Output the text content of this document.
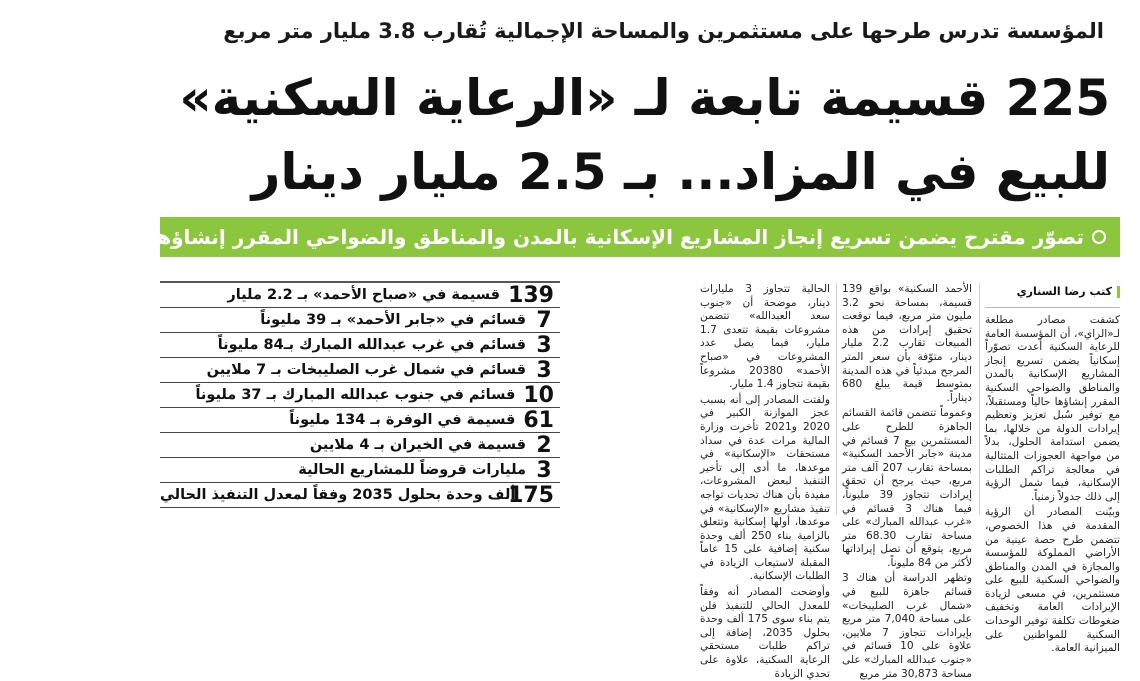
المؤسسة تدرس طرحها على مستثمرين والمساحة الإجمالية تُقارب 3.8 مليار متر مربع
225 قسيمة تابعة لـ «الرعاية السكنية»
للبيع في المزاد... بـ 2.5 مليار دينار
تصوّر مقترح يضمن تسريع إنجاز المشاريع الإسكانية بالمدن والمناطق والضواحي المقرر إنشاؤها حالياً ومستقبلاً
كتب رضا السناري

كشفت مصادر مطلعة لـ«الراي»، أن المؤسسة العامة للرعاية السكنية أعدت تصوّراً إسكانياً يضمن تسريع إنجاز المشاريع الإسكانية بالمدن والمناطق والضواحي السكنية المقرر إنشاؤها حالياً ومستقبلاً، مع توفير سُبل تعزيز وتعظيم إيرادات الدولة من خلالها، بما يضمن استدامة الحلول، بدلاً من مواجهة العجوزات المتتالية في معالجة تراكم الطلبات الإسكانية، فيما شمل الرؤية إلى ذلك جدولاً زمنياً.

وبيّنت المصادر أن الرؤية المقدمة في هذا الخصوص، تتضمن طرح حصة عينية من الأراضي المملوكة للمؤسسة والمجازة في المدن والمناطق والضواحي السكنية للبيع على مستثمرين، في مسعى لزيادة الإيرادات العامة وتخفيف ضغوطات تكلفة توفير الوحدات السكنية للمواطنين على الميزانية العامة.

الأحمد السكنية» بواقع 139 قسيمة، بمساحة نحو 3.2 مليون متر مربع، فيما توقعت تحقيق إيرادات من هذه المبيعات تقارب 2.2 مليار دينار، متوّفة بأن سعر المتر المرجح مبدئياً في هذه المدينة بمتوسط قيمة يبلغ 680 ديناراً.

وعموماً تتضمن قائمة القسائم الجاهزة للطرح على المستثمرين بيع 7 قسائم في مدينة «جابر الأحمد السكنية» بمساحة تقارب 207 آلف متر مربع، حيث يرجح أن تحقق إيرادات تتجاوز 39 مليوناً، فيما هناك 3 قسائم في «غرب عبدالله المبارك» على مساحة تقارب 68.30 متر مربع، يتوقع أن تصل إيراداتها لأكثر من 84 مليوناً.

وتظهر الدراسة أن هناك 3 قسائم جاهزة للبيع في «شمال غرب الصليبخات» على مساحة 7,040 متر مربع بإيرادات تتجاوز 7 ملايين، علاوة على 10 قسائم في «جنوب عبدالله المبارك» على مساحة 30,873 متر مربع

الحالية تتجاوز 3 مليارات دينار، موضحة أن «جنوب سعد العبدالله» تتضمن مشروعات بقيمة تتعدى 1.7 مليار، فيما يصل عدد المشروعات في «صباح الأحمد» 20380 مشروعاً بقيمة تتجاوز 1.4 مليار.

ولفتت المصادر إلى أنه بسبب عجز الموازنة الكبير في 2020 و2021 تأخرت وزارة المالية مرات عدة في سداد مستحقات «الإسكانية» في موعدها، ما أدى إلى تأخير التنفيذ لبعض المشروعات، مفيدة بأن هناك تحديات تواجه تنفيذ مشاريع «الإسكانية» في موعدها، أولها إسكانية وتتعلق بالزامية بناء 250 ألف وحدة سكنية إضافية على 15 عاماً المقبلة لاستيعاب الزيادة في الطلبات الإسكانية.

وأوضحت المصادر أنه وفقاً للمعدل الحالي للتنفيذ فلن يتم بناء سوى 175 ألف وحدة بحلول 2035، إضافة إلى تراكم طلبات مستحقي الرعاية السكنية، علاوة على تحدي الزيادة

139
قسيمة في «صباح الأحمد» بـ 2.2 مليار
7
قسائم في «جابر الأحمد» بـ 39 مليوناً
3
قسائم في غرب عبدالله المبارك بـ84 مليوناً
3
قسائم في شمال غرب الصليبخات بـ 7 ملايين
10
قسائم في جنوب عبدالله المبارك بـ 37 مليوناً
61
قسيمة في الوفرة بـ 134 مليوناً
2
قسيمة في الخيران بـ 4 ملايين
3
مليارات قروضاً للمشاريع الحالية
175
ألف وحدة بحلول 2035 وفقاً لمعدل التنفيذ الحالي
